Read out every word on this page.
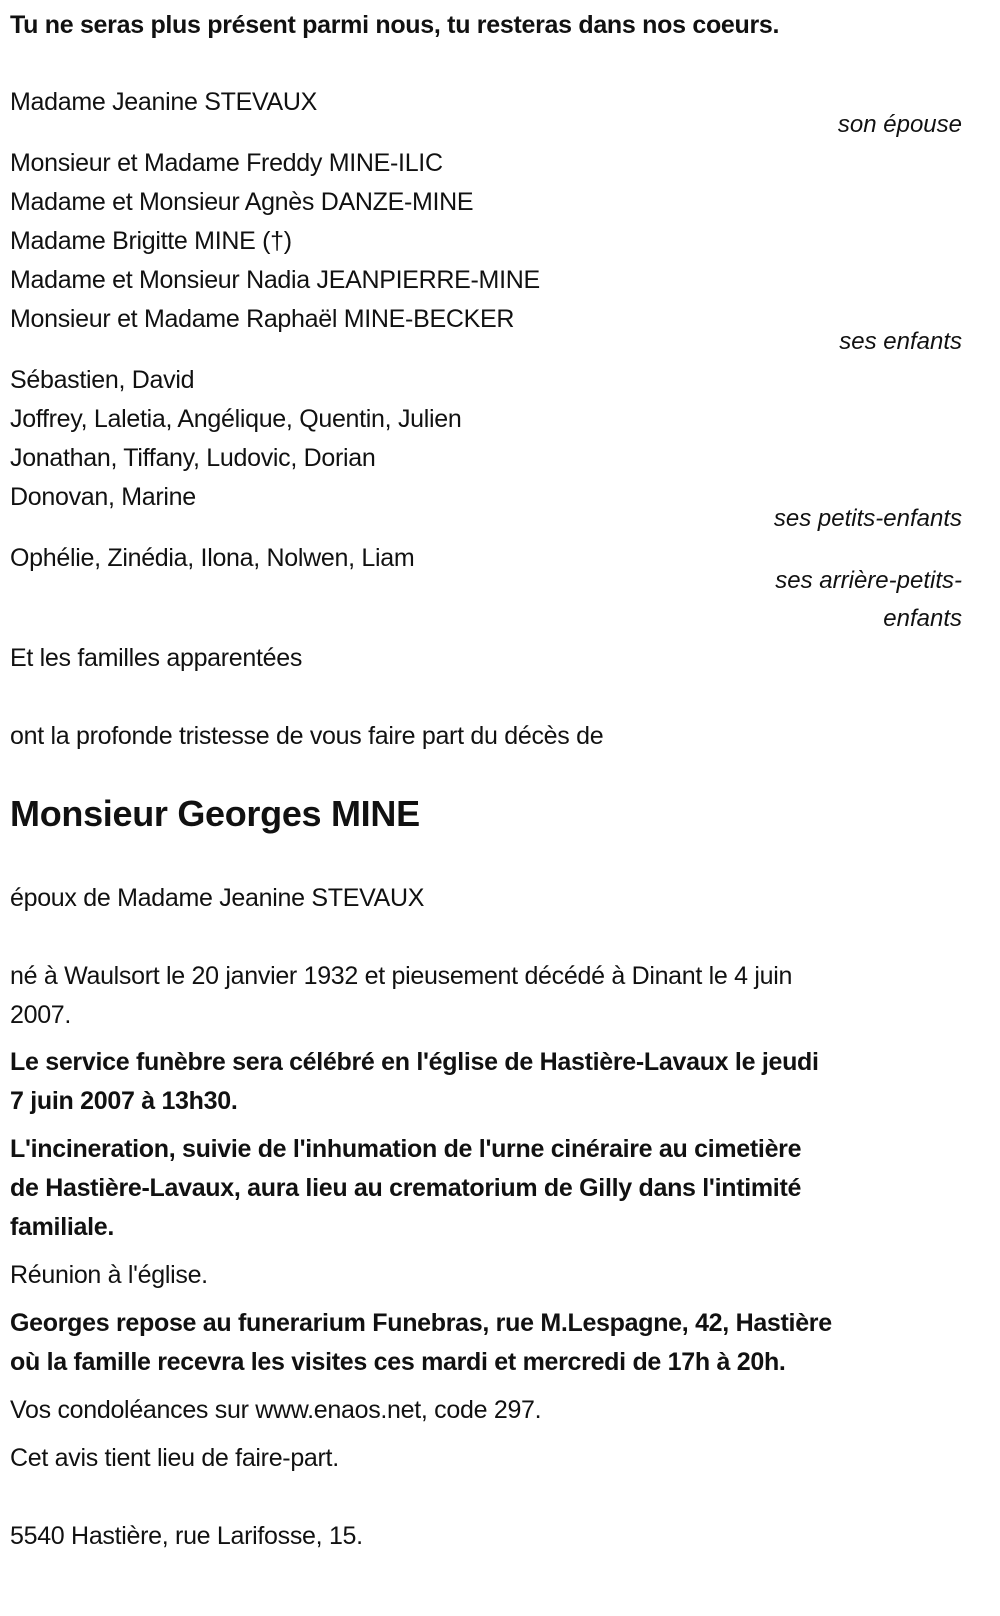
Tu ne seras plus présent parmi nous, tu resteras dans nos coeurs.
Madame Jeanine STEVAUX
son épouse
Monsieur et Madame Freddy MINE-ILIC
Madame et Monsieur Agnès DANZE-MINE
Madame Brigitte MINE (†)
Madame et Monsieur Nadia JEANPIERRE-MINE
Monsieur et Madame Raphaël MINE-BECKER
ses enfants
Sébastien, David
Joffrey, Laletia, Angélique, Quentin, Julien
Jonathan, Tiffany, Ludovic, Dorian
Donovan, Marine
ses petits-enfants
Ophélie, Zinédia, Ilona, Nolwen, Liam
ses arrière-petits-
enfants
Et les familles apparentées
ont la profonde tristesse de vous faire part du décès de
Monsieur Georges MINE
époux de Madame Jeanine STEVAUX
né à Waulsort le 20 janvier 1932 et pieusement décédé à Dinant le 4 juin
2007.
Le service funèbre sera célébré en l'église de Hastière-Lavaux le jeudi
7 juin 2007 à 13h30.
L'incineration, suivie de l'inhumation de l'urne cinéraire au cimetière
de Hastière-Lavaux, aura lieu au crematorium de Gilly dans l'intimité
familiale.
Réunion à l'église.
Georges repose au funerarium Funebras, rue M.Lespagne, 42, Hastière
où la famille recevra les visites ces mardi et mercredi de 17h à 20h.
Vos condoléances sur www.enaos.net, code 297.
Cet avis tient lieu de faire-part.
5540 Hastière, rue Larifosse, 15.
